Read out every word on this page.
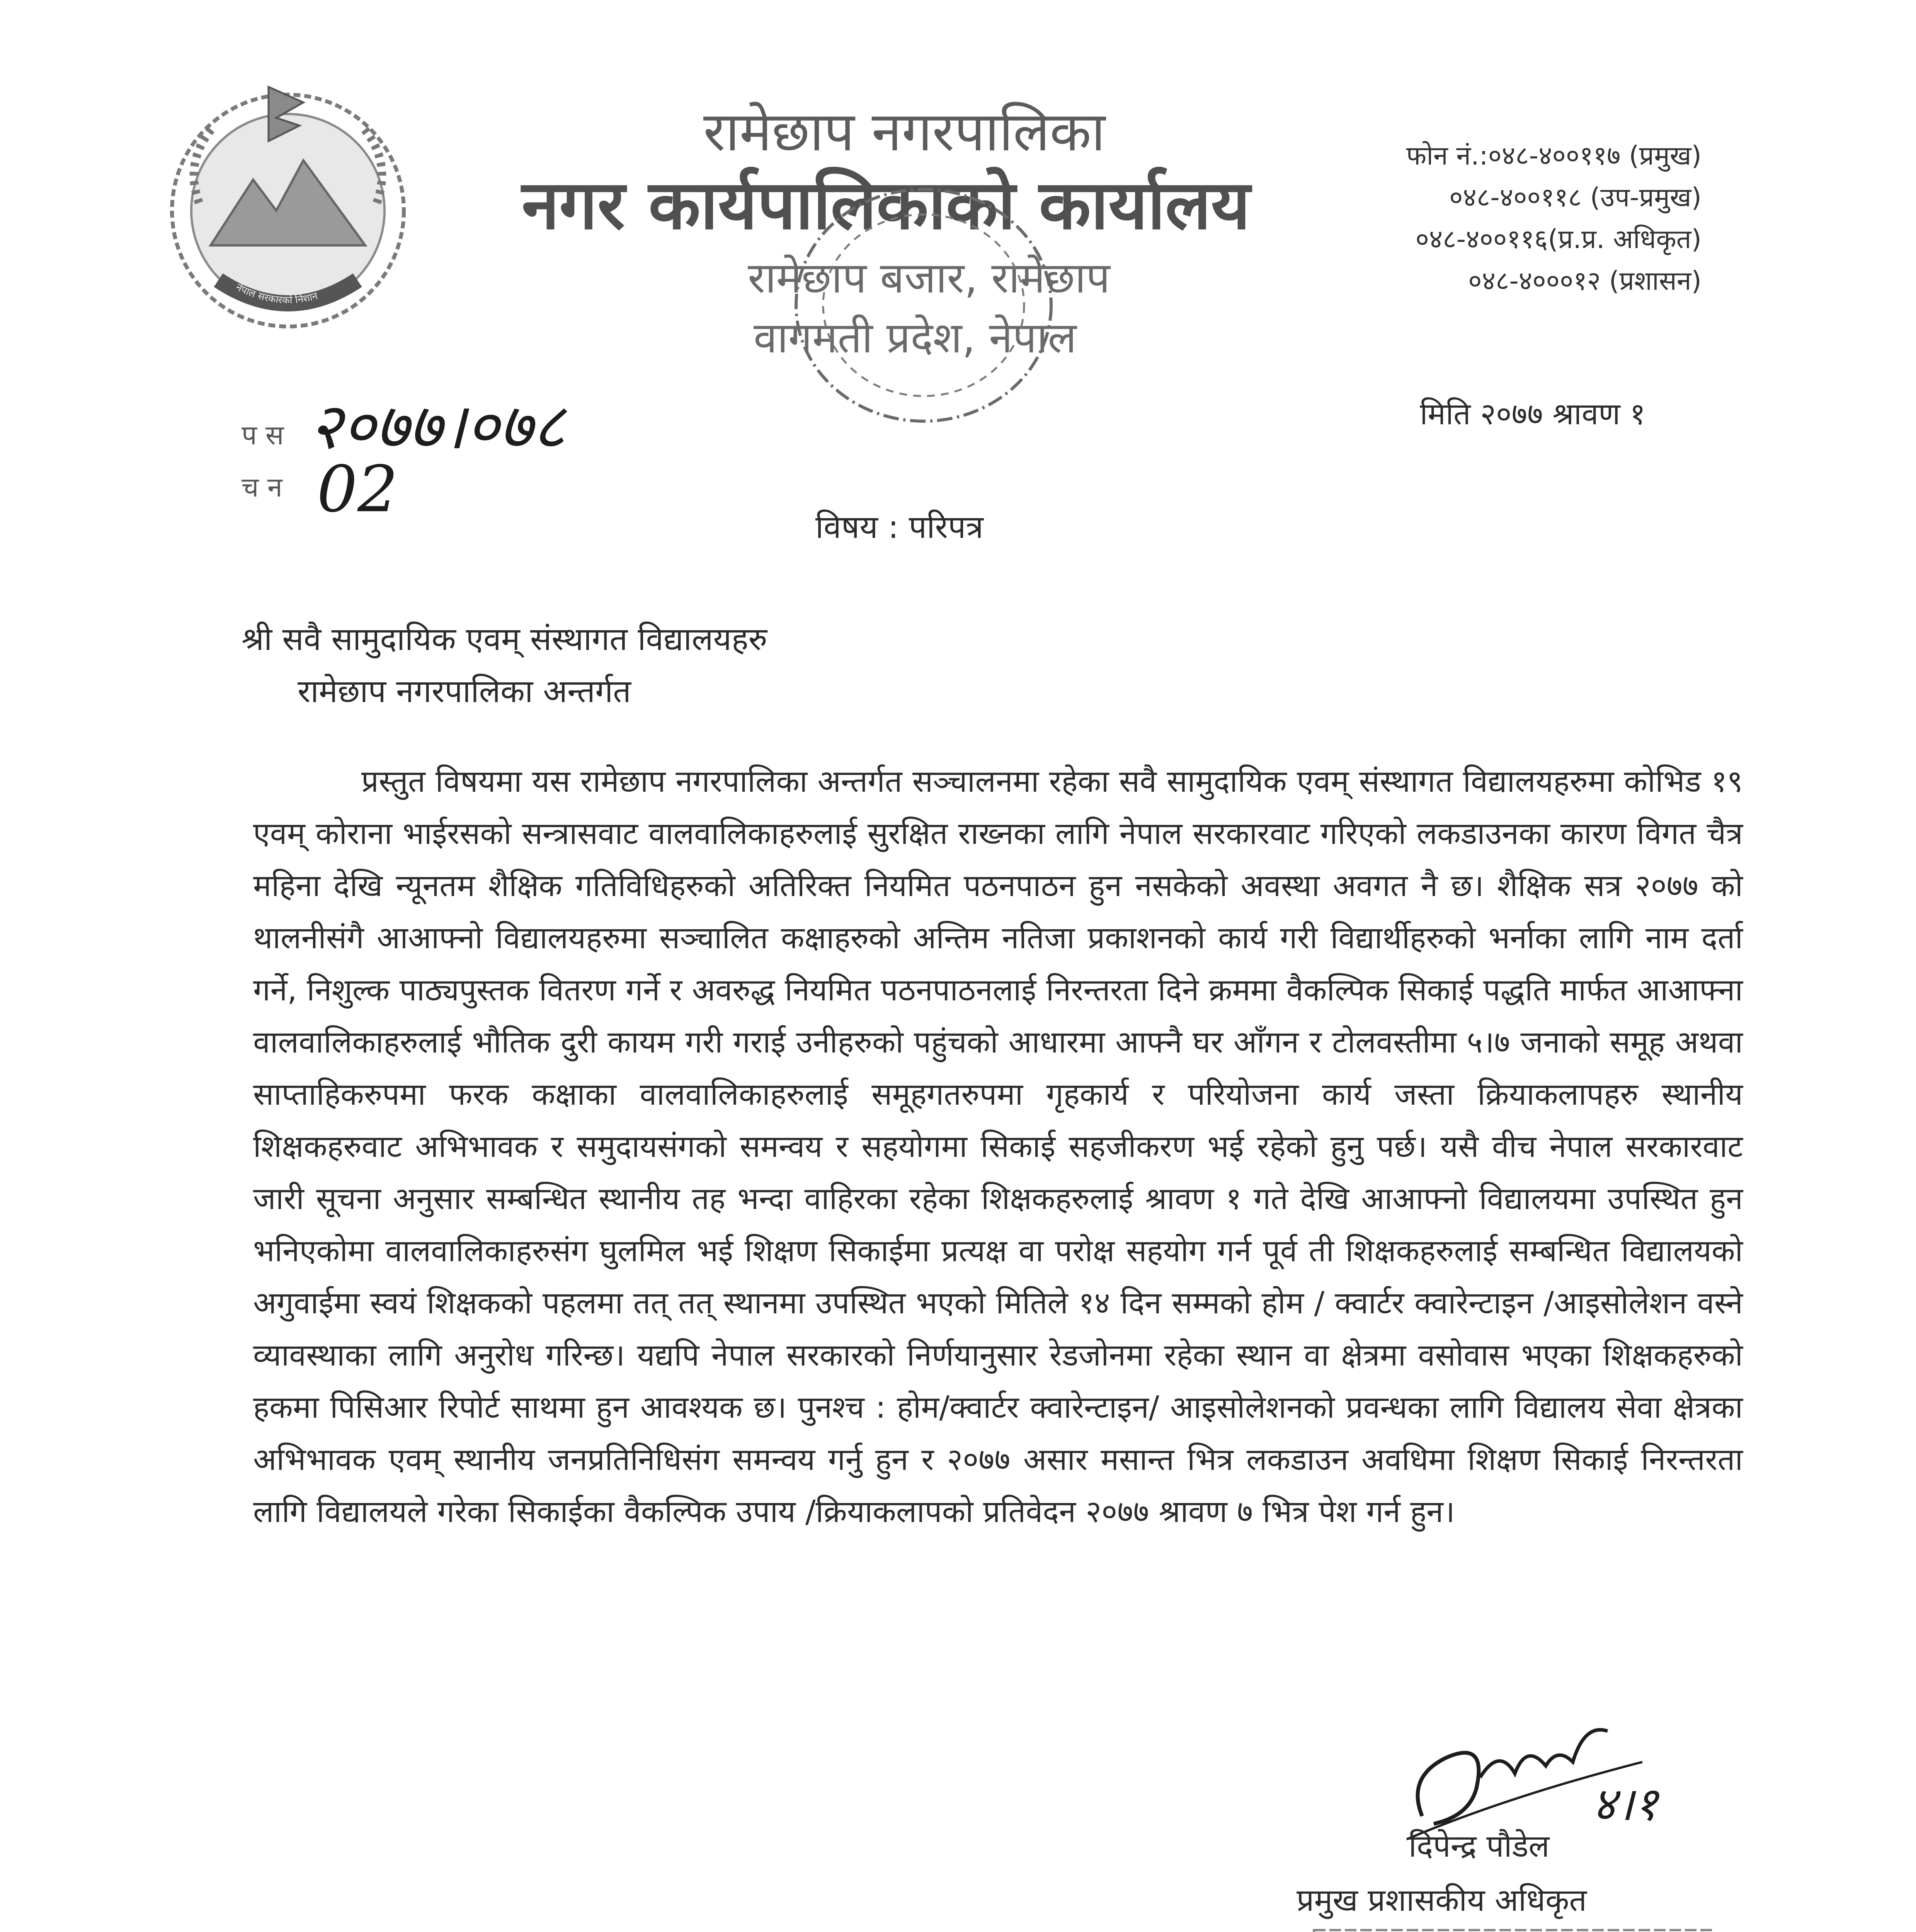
नेपाल सरकारको निशान
रामेछाप नगरपालिका
नगर कार्यपालिकाको कार्यालय
रामेछाप बजार, रामेछाप
वागमती प्रदेश, नेपाल
फोन नं.:०४८-४००११७ (प्रमुख)
०४८-४००११८ (उप-प्रमुख)
०४८-४००११६(प्र.प्र. अधिकृत)
०४८-४०००१२ (प्रशासन)
प स २०७७।०७८
च न 02
मिति २०७७ श्रावण १
विषय : परिपत्र
श्री सवै सामुदायिक एवम् संस्थागत विद्यालयहरु
रामेछाप नगरपालिका अन्तर्गत

प्रस्तुत विषयमा यस रामेछाप नगरपालिका अन्तर्गत सञ्चालनमा रहेका सवै सामुदायिक एवम् संस्थागत विद्यालयहरुमा कोभिड १९ एवम् कोराना भाईरसको सन्त्रासवाट वालवालिकाहरुलाई सुरक्षित राख्नका लागि नेपाल सरकारवाट गरिएको लकडाउनका कारण विगत चैत्र महिना देखि न्यूनतम शैक्षिक गतिविधिहरुको अतिरिक्त नियमित पठनपाठन हुन नसकेको अवस्था अवगत नै छ। शैक्षिक सत्र २०७७ को थालनीसंगै आआफ्नो विद्यालयहरुमा सञ्चालित कक्षाहरुको अन्तिम नतिजा प्रकाशनको कार्य गरी विद्यार्थीहरुको भर्नाका लागि नाम दर्ता गर्ने, निशुल्क पाठ्यपुस्तक वितरण गर्ने र अवरुद्ध नियमित पठनपाठनलाई निरन्तरता दिने क्रममा वैकल्पिक सिकाई पद्धति मार्फत आआफ्ना वालवालिकाहरुलाई भौतिक दुरी कायम गरी गराई उनीहरुको पहुंचको आधारमा आफ्नै घर आँगन र टोलवस्तीमा ५।७ जनाको समूह अथवा साप्ताहिकरुपमा फरक कक्षाका वालवालिकाहरुलाई समूहगतरुपमा गृहकार्य र परियोजना कार्य जस्ता क्रियाकलापहरु स्थानीय शिक्षकहरुवाट अभिभावक र समुदायसंगको समन्वय र सहयोगमा सिकाई सहजीकरण भई रहेको हुनु पर्छ। यसै वीच नेपाल सरकारवाट जारी सूचना अनुसार सम्बन्धित स्थानीय तह भन्दा वाहिरका रहेका शिक्षकहरुलाई श्रावण १ गते देखि आआफ्नो विद्यालयमा उपस्थित हुन भनिएकोमा वालवालिकाहरुसंग घुलमिल भई शिक्षण सिकाईमा प्रत्यक्ष वा परोक्ष सहयोग गर्न पूर्व ती शिक्षकहरुलाई सम्बन्धित विद्यालयको अगुवाईमा स्वयं शिक्षकको पहलमा तत् तत् स्थानमा उपस्थित भएको मितिले १४ दिन सम्मको होम / क्वार्टर क्वारेन्टाइन /आइसोलेशन वस्ने व्यावस्थाका लागि अनुरोध गरिन्छ। यद्यपि नेपाल सरकारको निर्णयानुसार रेडजोनमा रहेका स्थान वा क्षेत्रमा वसोवास भएका शिक्षकहरुको हकमा पिसिआर रिपोर्ट साथमा हुन आवश्यक छ। पुनश्च : होम/क्वार्टर क्वारेन्टाइन/ आइसोलेशनको प्रवन्धका लागि विद्यालय सेवा क्षेत्रका अभिभावक एवम् स्थानीय जनप्रतिनिधिसंग समन्वय गर्नु हुन र २०७७ असार मसान्त भित्र लकडाउन अवधिमा शिक्षण सिकाई निरन्तरता लागि विद्यालयले गरेका सिकाईका वैकल्पिक उपाय /क्रियाकलापको प्रतिवेदन २०७७ श्रावण ७ भित्र पेश गर्न हुन।

४।१
दिपेन्द्र पौडेल
प्रमुख प्रशासकीय अधिकृत
